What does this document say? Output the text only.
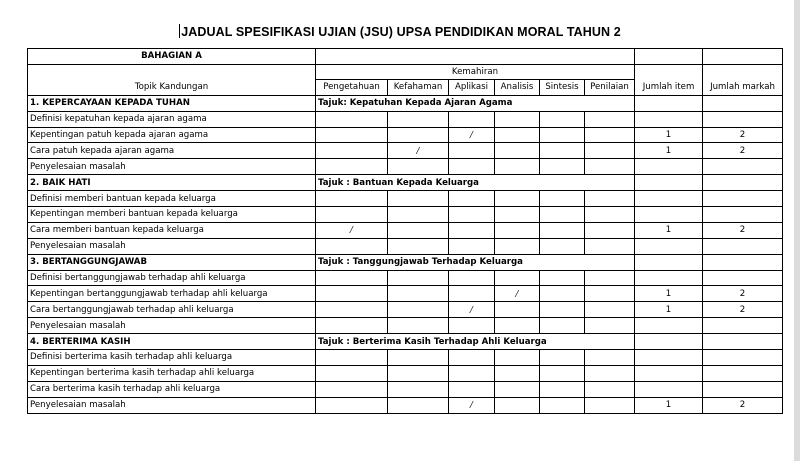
JADUAL SPESIFIKASI UJIAN (JSU) UPSA PENDIDIKAN MORAL TAHUN 2
BAHAGIAN A								
Topik Kandungan	Kemahiran						Jumlah item	Jumlah markah
	Pengetahuan	Kefahaman	Aplikasi	Analisis	Sintesis	Penilaian		
1. KEPERCAYAAN KEPADA TUHAN	Tajuk: Kepatuhan Kepada Ajaran Agama							
Definisi kepatuhan kepada ajaran agama								
Kepentingan patuh kepada ajaran agama			/				1	2
Cara patuh kepada ajaran agama		/					1	2
Penyelesaian masalah								
2. BAIK HATI	Tajuk : Bantuan Kepada Keluarga							
Definisi memberi bantuan kepada keluarga								
Kepentingan memberi bantuan kepada keluarga								
Cara memberi bantuan kepada keluarga	/						1	2
Penyelesaian masalah								
3. BERTANGGUNGJAWAB	Tajuk : Tanggungjawab Terhadap Keluarga							
Definisi bertanggungjawab terhadap ahli keluarga								
Kepentingan bertanggungjawab terhadap ahli keluarga				/			1	2
Cara bertanggungjawab terhadap ahli keluarga			/				1	2
Penyelesaian masalah								
4. BERTERIMA KASIH	Tajuk : Berterima Kasih Terhadap Ahli Keluarga							
Definisi berterima kasih terhadap ahli keluarga								
Kepentingan berterima kasih terhadap ahli keluarga								
Cara berterima kasih terhadap ahli keluarga								
Penyelesaian masalah			/				1	2
